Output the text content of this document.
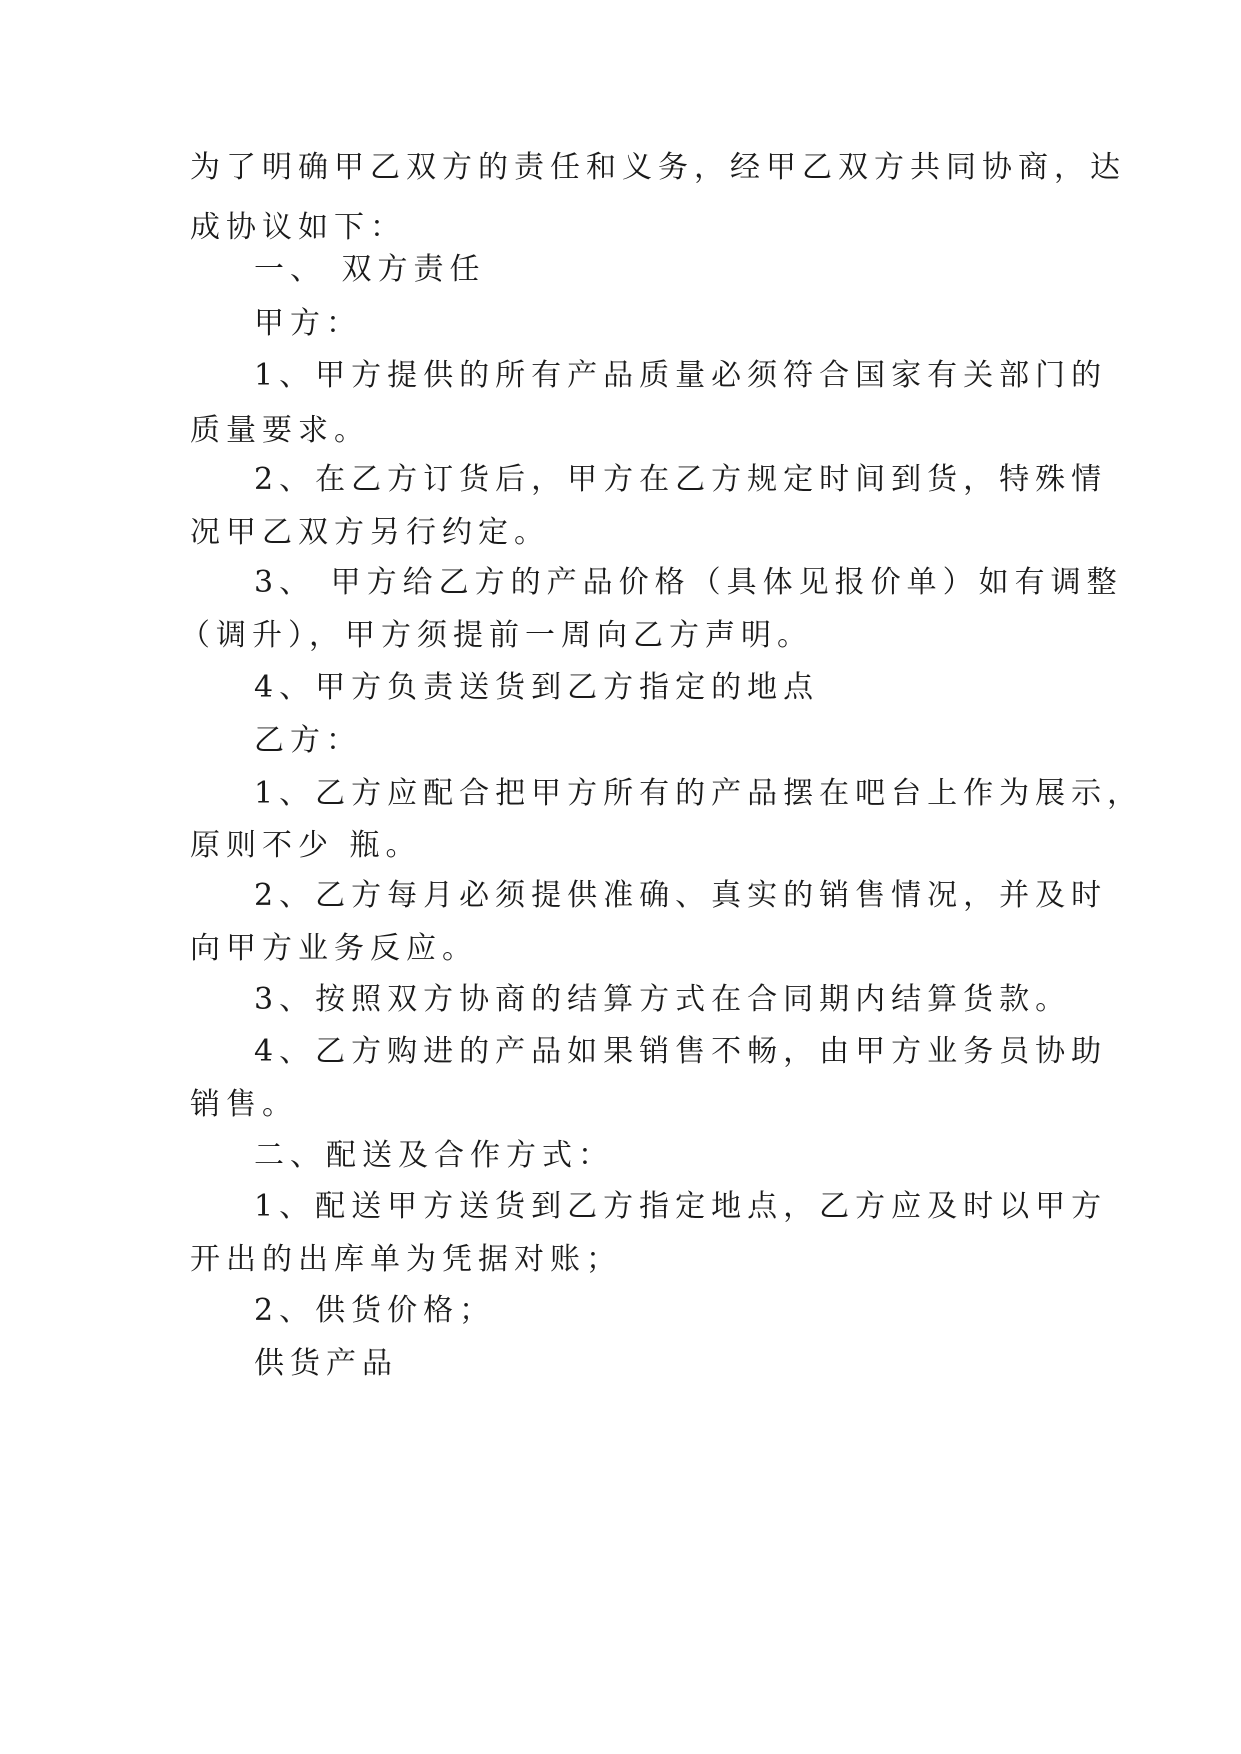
为了明确甲乙双方的责任和义务，经甲乙双方共同协商，达
成协议如下：

一、 双方责任

甲方：

1、甲方提供的所有产品质量必须符合国家有关部门的

质量要求。

2、在乙方订货后，甲方在乙方规定时间到货，特殊情

况甲乙双方另行约定。

3、 甲方给乙方的产品价格（具体见报价单）如有调整

（调升），甲方须提前一周向乙方声明。

4、甲方负责送货到乙方指定的地点

乙方：

1、乙方应配合把甲方所有的产品摆在吧台上作为展示，

原则不少 瓶。

2、乙方每月必须提供准确、真实的销售情况，并及时

向甲方业务反应。

3、按照双方协商的结算方式在合同期内结算货款。

4、乙方购进的产品如果销售不畅，由甲方业务员协助

销售。

二、配送及合作方式：

1、配送甲方送货到乙方指定地点，乙方应及时以甲方

开出的出库单为凭据对账；

2、供货价格；

供货产品
